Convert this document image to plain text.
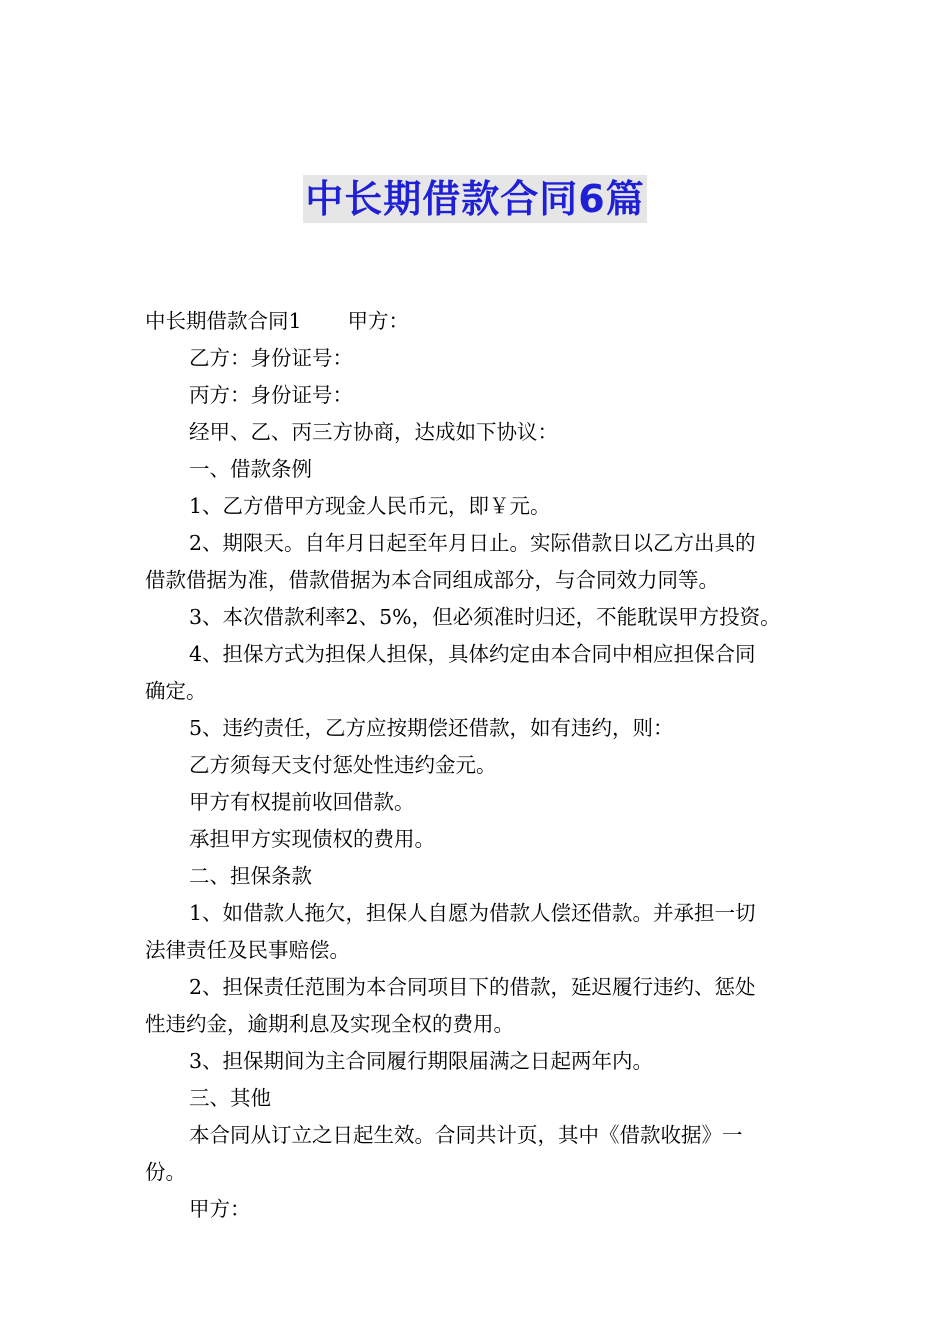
中长期借款合同6篇
中长期借款合同1 甲方：
乙方：身份证号：
丙方：身份证号：
经甲、乙、丙三方协商，达成如下协议：
一、借款条例
1、乙方借甲方现金人民币元，即￥元。
2、期限天。自年月日起至年月日止。实际借款日以乙方出具的
借款借据为准，借款借据为本合同组成部分，与合同效力同等。
3、本次借款利率2、5%，但必须准时归还，不能耽误甲方投资。
4、担保方式为担保人担保，具体约定由本合同中相应担保合同
确定。
5、违约责任，乙方应按期偿还借款，如有违约，则：
乙方须每天支付惩处性违约金元。
甲方有权提前收回借款。
承担甲方实现债权的费用。
二、担保条款
1、如借款人拖欠，担保人自愿为借款人偿还借款。并承担一切
法律责任及民事赔偿。
2、担保责任范围为本合同项目下的借款，延迟履行违约、惩处
性违约金，逾期利息及实现全权的费用。
3、担保期间为主合同履行期限届满之日起两年内。
三、其他
本合同从订立之日起生效。合同共计页，其中《借款收据》一
份。
甲方：
